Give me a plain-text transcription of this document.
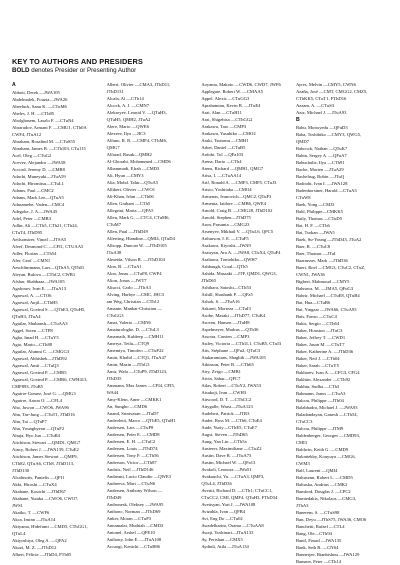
KEY TO AUTHORS AND PRESIDERS
BOLD denotes Presider or Presenting Author
A
Abbott, Derek —JWA105
Abdelmalek, Fouzia—JWA26
Abeeluck, Sanu K. —CTuM6
Abeles, J. H. —CTh85
Abolghasem, Laszlo F. —CTuN4
Abrarudov, Armani F. —CMU1, CTh0A
CWF4, JTuA12
Abraham, Rosalind M. —CTuS55
Abraham, James B. —CTh103, CTu115
Acel, Oleg —CTuG2
Acevez, Alejandro —JWA58
Accord, Jeremy D. —CMR8
Adachi, Muneyuki—JTuA59
Adachi, Hiromitsu—CTuL1
Adams, Paul —CMC2
Adams, Mark Lee—QTuA5
Adasamebe, Vaden—CMC4
Adegoke, J. A.—JWA45
Adel, Peter —CMB3
Adlin, Ali —CTh5, CTh21, CTh24,
CTuT4, JThD95
Aeilsonstrer, Vinod —JTSA5
Afeef, Desmond C. —CFI1, CTUAA5
Adler, Florian —CTh54
Afer, Geof —CMN1
Aeschlimmann, Lars—QThA5, QTh01
Aleyan, Bulova —CThC2, CWB1
Afshar, Shahbaaz—JWA105
Agafonov, Ivan E. —JTuA13
Agarwal, A. —CTO6
Agarwal, Anjil—CThH5
Agarwal, Govind S. —QThE3, QTuH5,
QTuH3, JTuA4
Aguilar, Shubansh—CTuAA3
Aggel, Soren —CTP8
Agha, Imad H. —CTuY5
Agio, Mario—CTh88
Aguilar, Alumni C. —CMGG3
Agrawal, Abhishek—JThD92
Agrawal, Amit —CTuQ3
Agrawal, Govind P. —CMR5
Agrawal, Govind P. —CMR6, CWH413,
CMF893, JTuB5
Aguirre-Gomez, José G. —QMG3
Aguirre, Aaron O. —CFL4
Aho, Juwon —CWO6, JWA96
Ahn, Tae-Jung —CTuT1, JThD16
Ahn, Tai —QTuP7
Ahn, Youngbyeon —QTuF2
Ahuja, Hyo Jun —CTuR4
Aitchison, Stewart —QMD1, QMG7
Aincy, Robert J. —JWA139, CTuE2
Aitchison, James Stewart —QMF9,
CTh82, QTuA6, CTh8, JThD113,
JThD130
Alcalinotis, Pantelis —QFI1
Akki, Hiroshi —CTuX4
Akahane, Kouichi —JThD67
Akahane, Yutaka —CWO6, CWO7,
JWS1
Akaiko, T. —CWF6
Akca, Imran —JTuA14
Akiyama, Hidefumi —CMD5, CThGG1,
QTuL4
Akiyoshiya, Oleg A. —QFA2
Akozi, M. Z. —JThD12
Albert, Félicie —JThD4, FTh05
Albert, Olivier —CMA3, JThD11,
JThD131
Alcala, Al —CTh14
Alcock, A. J. —CMN7
Alekseyev, Leonid V. —QTuH3,
QTuH5, QMH2, JTuA2
Alere, Mario —QWE6
Alexeev, Ilya —JIC3
Alfano, R. R. —CMF4, CThM6,
QMG7
Alfarad, Rasak—QMH2
Al-Ghorabi, Mohammed —CMD6
Alhammadi, Efrah —CMD3
Ali, Hyun —CMY3
Alia, Mohd. Tahir—QTuA5
Allibert, Olivier —CWO1
Ali-Khan, Irfan —CTh06
Allen, Graham —CTh5
Allegrini, Maria —QFA5
Allen, Mark G. —CTC4, CTuM6,
CTuM7
Allen, Paul —JThD49
Alferring, Hiandine—QMI4, QTuD4
Allsopp, Duncan W. —JThD105
JTuA38
Almeida, Vilson R. —JThD104
Alon, B. —CTuA1
Alon, Jonas —CTuF8, CWP4
Alton, Jonas —JWT7
Altucci, Carlo —JThA3
Alving, Harbye —CMC, JHC3
am Weg, Christian —CTh12
Amante, Mankar-Christian —
CTuGG3
Amat, Valerio —CMN6
Amaturologhe, D. —CTuL3
Amarnath, Kuldeep —CMH11
Amerya, Tetlu—CTQ9
Amemiya, Timofeo —CTuP22
Amin, Khalid —CTQ1, JTuA47
Amin, Mazin —JThG3
Amir, Wafa —CTuP9, JThD123,
JThD35
Ammann, Max James —CFI4, CFI5,
WA44
Amy-Klein, Anne —CMKK1
An, Sungho —CMD6
Anand, Srinivasan —JTuD7
Andeoletti, Marco —QThE5, QTuH1
Andersen, Lars —CTuP8
Andersen, Peter E. —CMD8
Andersen, E. H. —CTuC2
Andersen, Louis —JThD74
Andersen, Tony P. —CTh56
Anderson, Victor —CTh87
Andriis, Neil —JThD146
Andreani, Lucio Claudio —QWE3
Andreeva, Mari —CTuN6
Andersen, Anthony Wilson —
JThD49
Andronesk, Oleksey —JWA95
Anthonc, Norman —JThD69
Anker, Moran —CTuP3
Annamalai, Muthiah —CMD3
Antonel, Arshel —QFE10
Anthony, John E. —JTuA108
Arcuogi, Kenichi —CTuB86
Aoyama, Makoto —CWD6, CWD7, JWF6
Applegate, Robert W. —CMAA5
Appel, Alexis —CTuGG3
Aprahamian, Kevin B. —JTuE4
Arai, Alan —CTuH11
Arai, Shigehisa —CThGG2
Arakawa, Taro —CMP3
Arakawa, Yasuhiko —CMO2
Araki, Tsutomu —CMH1
Arbet, Daniel —CTuB5
Ardobi, Tol —QFa103
Arena, Dario —CTh4
Arens, Richard —QMH1, QMG7
Arisa, I. —CTuAA14
Arif, Ronald A. —CMF3, CMF5, CTuJ3
Arisio, Yoshitaka —CMO4
Armenas, Ivanovich—QMC2, QTuF3
Armenta, Iaidore —CMB6, QWE4
Arnold, Craig B. —CMG28, JThD102
Arnold, Stephen—JThD75
Aron, Prasanta —CMG23
Arsenyev, Mikhail V. —QTuL6, QFC5
Arthurson, I. E. —CTuF5
Asakawa, Kiyoshi—JWA9
Asatryan, Ara A. —JWA8, CTuX4, QTuF4
Asahawa, Tomohiko—QWH7
Ashbaugh, Coral—QTh5
Ashida, Masaaki —JTF, QMD1, QWG3,
JThD65
Ashihara, Satoshi—CTh53
Ashill, Shashank P. —QFa5
Ashok, S. —JTuA16
Askarei, Morteza —CTuI3
Asobe, Masaki —JThD77, CTuK4
Asoven, Hansen —JTuH8
Aspelmeyer, Markus —QTh36
Assotra, Carsten —CMP3
Astley, Victoria —CTh1L1, CTuB5, CTuI3
Atis, Stéphane —QFu2, QTuC3
Atakaramians, Shaghik —JWA105
Atkinson, Peter B. —CTh65
Atry, Zvigo —CMB1
Atvin, Sahar—QFC7
Atlas, Robert —CTuY2, JWA53
Atsakoji, Ivan —CWH3
Attwood, D. T. —CThCC2
Attygalle, Warsi—JTuA123
Audebert, Patrick —JTR3
Audet, Ross M. —CTh6, CTuE4
Aude, Yuriy—CThE5, CTuE7
Augst, Steven —JThD65
Aung, Yan Lin —CTh5a
Austerer, Maximiliane —CTuZ2
Austin, Dave R. —JTuA73
Austin, Michael W. —QFa13
Avakoli, Leonora —JWa51
Avakauchi, Yu. —CTuA3, QMF3,
QTuL4, JThD36
Averitt, Richard D. —CTh1, CTuCC1,
CTuCC2, CMI, QMF4, QTuH3, FThD34
Avetisyan, Yuri J. —JWA108
Avizahla, Ivan —QFB4
Avi, Eng Do —CTu02
Awadelkarim, Osama —CTuAA8
Awaji, Yoshinari—JTuA133
Ay, Ferishan —CMX5
Aydinli, Atila —JTuA134
Ayres, Melvin —CMY5, CWN6
Azaña, José —CMT, CMGG2, CMZ5,
CThKK5, CTuT1, FThD16
Azzam, A. —CTuS3
Aziz, Michael J. —JTuA93
B
Babu, Moissyedu —QFuD3
Baba, Toshihiko —CMY3, QWG5,
QMD7
Babcock, Nathan —QTuK7
Babin, Sergey A. —QFuA7
Babuchaliz, Ilya —CTh91
Bache, Morten —JTuA29
Bachelrug, Robin —JTuQ
Badoobi, Ivan I. —JWA128
Badenhorstner, Harald —CTuA3
CTuW8
Baek, Yong —CMJ3
Bahl, Philippe—CMKK5
Baily, Thomas —CTuD5
Bai, H. F. —CTh6
Bai, Turkan —JWA5
Baek, Su-Young —JThD43, JTuA2
Baer, R. —CTuC8
Baer, Thomas —JTuI
Bazrnezav, Mark —JThD36
Baert, Roel —CMG3, CTuC2, CTuZ,
CWN1, JWA36
Bigbert, Mahmoud —CMY5
Bahrawa, M. —JMA5, QFuG3
Bahrir, Michael —CTuE8, QTuB4
Bai, Hua—CTuB6
Bai, Yingzar —JWA66, CTuA95
Bais, Fonso —CTuC4
Bakis, Sergio —CTh64
Baker, Houston —JTuC3
Baker, Jeffrey T. —CWD1
Baker, Jason M. —CTuT7
Baker, Katherine A. —JThD36
Baker, Neil J. —CTh04
Baker, Sarah —CTuY5
Bakharev, Ivan A. —CFG3, CFG4
Bakhtin, Alexander —CTh92
Bakhtu, Sudha —CTh3
Bakmann, Janos —CTuA3
Balcou, Philippe —JTh04
Balabhadra, Michael J. —JWA93
Baladandayan, Ganesh —CTh54,
CTuCC3
Balcou, Philippe —JTM9
Baldenberger, Georges —CMD93,
CMI3
Baldwin, Keith G. —CMD9
Balontekby, Kouyuya —CMG6,
CWM3
Balf, Laurent —QMI4
Baltusenn, Robert L. —CMD5
Baltuska, Andrius —CMK2
Bamford, Douglas J. —CPC2
Bamiedakis, Nikolaos —CMG3,
JThA3
Banerem, S. —CTuS98
Ban, Deyu —JThS75, JWA36, CMO6
Banchetti, Rafael —CTL4
Bang, Ole—CTh94
Banil, Fouad —JWA135
Bank, Seth R. —CNS4
Bannerjee, Bianbishnu —JWA129
Bansner, Peter —CTh14
